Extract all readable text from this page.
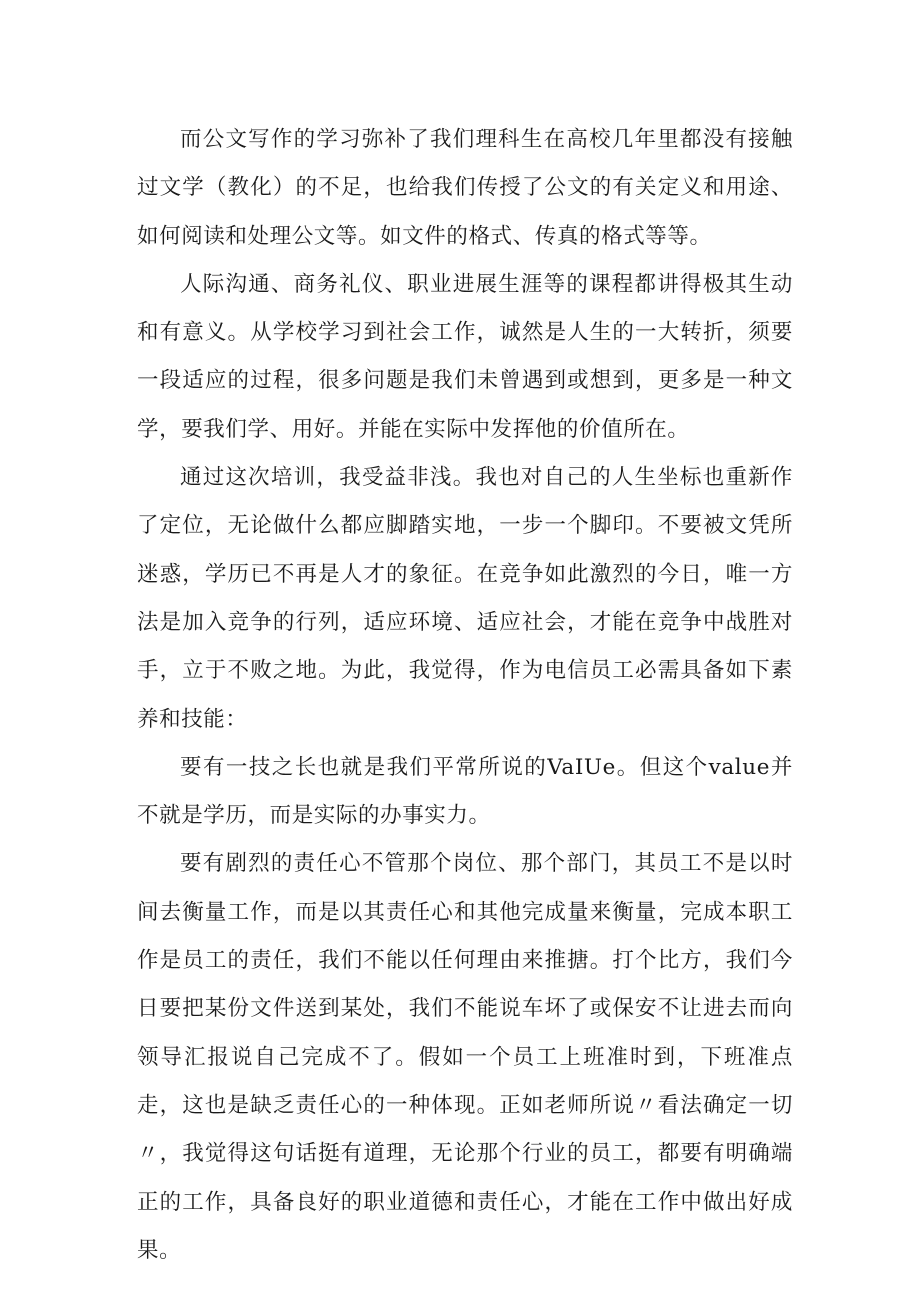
而公文写作的学习弥补了我们理科生在高校几年里都没有接触过文学（教化）的不足，也给我们传授了公文的有关定义和用途、如何阅读和处理公文等。如文件的格式、传真的格式等等。

人际沟通、商务礼仪、职业进展生涯等的课程都讲得极其生动和有意义。从学校学习到社会工作，诚然是人生的一大转折，须要一段适应的过程，很多问题是我们未曾遇到或想到，更多是一种文学，要我们学、用好。并能在实际中发挥他的价值所在。

通过这次培训，我受益非浅。我也对自己的人生坐标也重新作了定位，无论做什么都应脚踏实地，一步一个脚印。不要被文凭所迷惑，学历已不再是人才的象征。在竞争如此激烈的今日，唯一方法是加入竞争的行列，适应环境、适应社会，才能在竞争中战胜对手，立于不败之地。为此，我觉得，作为电信员工必需具备如下素养和技能：

要有一技之长也就是我们平常所说的VaIUe。但这个value并不就是学历，而是实际的办事实力。

要有剧烈的责任心不管那个岗位、那个部门，其员工不是以时间去衡量工作，而是以其责任心和其他完成量来衡量，完成本职工作是员工的责任，我们不能以任何理由来推搪。打个比方，我们今日要把某份文件送到某处，我们不能说车坏了或保安不让进去而向领导汇报说自己完成不了。假如一个员工上班准时到，下班准点走，这也是缺乏责任心的一种体现。正如老师所说〃看法确定一切〃，我觉得这句话挺有道理，无论那个行业的员工，都要有明确端正的工作，具备良好的职业道德和责任心，才能在工作中做出好成果。
